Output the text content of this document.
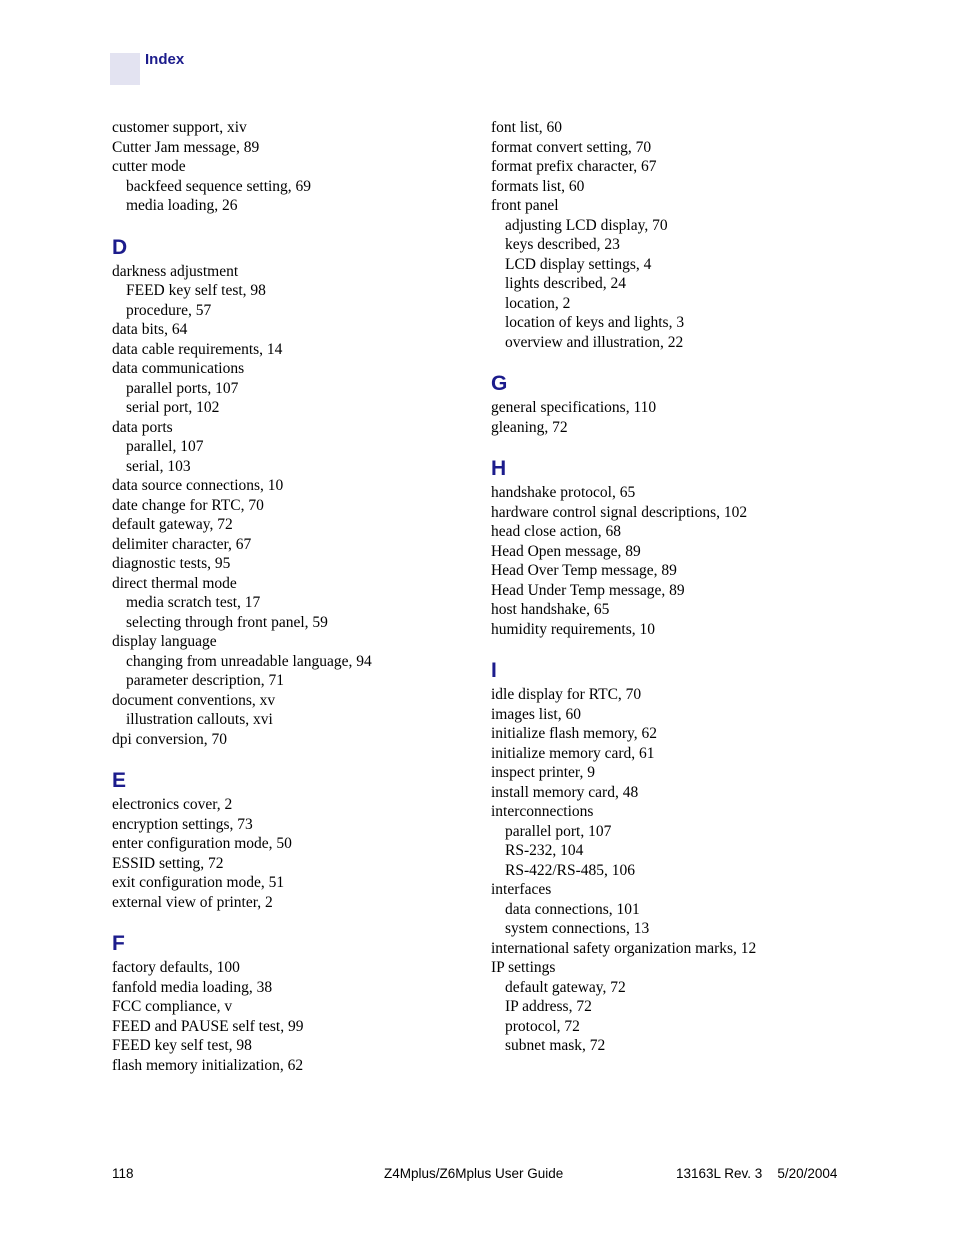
Index
customer support, xiv
Cutter Jam message, 89
cutter mode
backfeed sequence setting, 69
media loading, 26
D
darkness adjustment
FEED key self test, 98
procedure, 57
data bits, 64
data cable requirements, 14
data communications
parallel ports, 107
serial port, 102
data ports
parallel, 107
serial, 103
data source connections, 10
date change for RTC, 70
default gateway, 72
delimiter character, 67
diagnostic tests, 95
direct thermal mode
media scratch test, 17
selecting through front panel, 59
display language
changing from unreadable language, 94
parameter description, 71
document conventions, xv
illustration callouts, xvi
dpi conversion, 70
E
electronics cover, 2
encryption settings, 73
enter configuration mode, 50
ESSID setting, 72
exit configuration mode, 51
external view of printer, 2
F
factory defaults, 100
fanfold media loading, 38
FCC compliance, v
FEED and PAUSE self test, 99
FEED key self test, 98
flash memory initialization, 62
font list, 60
format convert setting, 70
format prefix character, 67
formats list, 60
front panel
adjusting LCD display, 70
keys described, 23
LCD display settings, 4
lights described, 24
location, 2
location of keys and lights, 3
overview and illustration, 22
G
general specifications, 110
gleaning, 72
H
handshake protocol, 65
hardware control signal descriptions, 102
head close action, 68
Head Open message, 89
Head Over Temp message, 89
Head Under Temp message, 89
host handshake, 65
humidity requirements, 10
I
idle display for RTC, 70
images list, 60
initialize flash memory, 62
initialize memory card, 61
inspect printer, 9
install memory card, 48
interconnections
parallel port, 107
RS-232, 104
RS-422/RS-485, 106
interfaces
data connections, 101
system connections, 13
international safety organization marks, 12
IP settings
default gateway, 72
IP address, 72
protocol, 72
subnet mask, 72
118	Z4Mplus/Z6Mplus User Guide	13163L Rev. 3    5/20/2004
